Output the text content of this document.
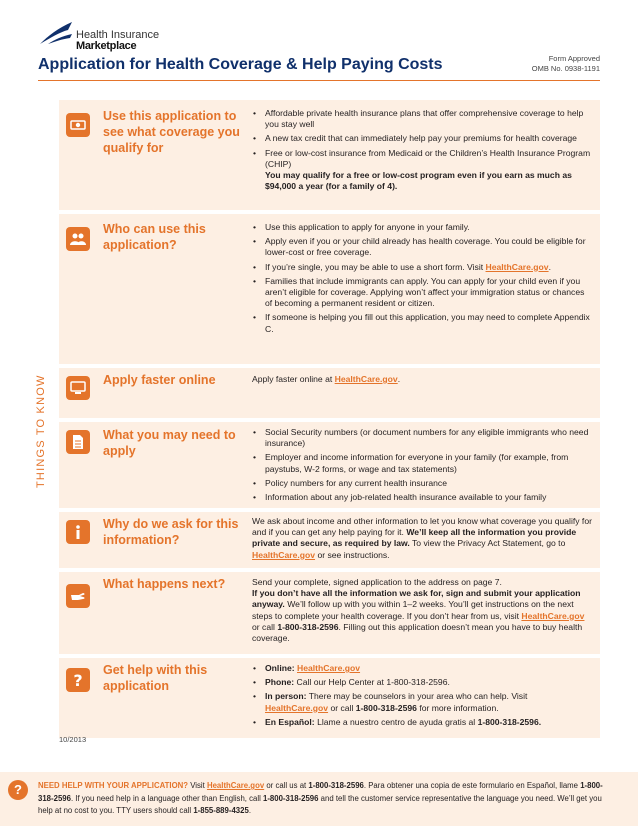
Health Insurance
Marketplace
Application for Health Coverage & Help Paying Costs	Form Approved
OMB No. 0938-1191
THINGS TO KNOW
Use this application to see what coverage you qualify for
• Affordable private health insurance plans that offer comprehensive coverage to help you stay well
• A new tax credit that can immediately help pay your premiums for health coverage
• Free or low-cost insurance from Medicaid or the Children’s Health Insurance Program (CHIP)
You may qualify for a free or low-cost program even if you earn as much as $94,000 a year (for a family of 4).
Who can use this application?
• Use this application to apply for anyone in your family.
• Apply even if you or your child already has health coverage. You could be eligible for lower-cost or free coverage.
• If you’re single, you may be able to use a short form. Visit HealthCare.gov.
• Families that include immigrants can apply. You can apply for your child even if you aren’t eligible for coverage. Applying won’t affect your immigration status or chances of becoming a permanent resident or citizen.
• If someone is helping you fill out this application, you may need to complete Appendix C.
Apply faster online	Apply faster online at HealthCare.gov.
What you may need to apply
• Social Security numbers (or document numbers for any eligible immigrants who need insurance)
• Employer and income information for everyone in your family (for example, from paystubs, W-2 forms, or wage and tax statements)
• Policy numbers for any current health insurance
• Information about any job-related health insurance available to your family
Why do we ask for this information?
We ask about income and other information to let you know what coverage you qualify for and if you can get any help paying for it. We’ll keep all the information you provide private and secure, as required by law. To view the Privacy Act Statement, go to HealthCare.gov or see instructions.
What happens next?	Send your complete, signed application to the address on page 7.
If you don’t have all the information we ask for, sign and submit your application anyway. We’ll follow up with you within 1–2 weeks. You’ll get instructions on the next steps to complete your health coverage. If you don’t hear from us, visit HealthCare.gov or call 1-800-318-2596. Filling out this application doesn’t mean you have to buy health coverage.
?
Get help with this application
• Online: HealthCare.gov
• Phone: Call our Help Center at 1-800-318-2596.
• In person: There may be counselors in your area who can help. Visit HealthCare.gov or call 1-800-318-2596 for more information.
• En Español: Llame a nuestro centro de ayuda gratis al 1-800-318-2596.
10/2013
?	NEED HELP WITH YOUR APPLICATION? Visit HealthCare.gov or call us at 1-800-318-2596. Para obtener una copia de este formulario en Español, llame 1-800-318-2596. If you need help in a language other than English, call 1-800-318-2596 and tell the customer service representative the language you need. We’ll get you help at no cost to you. TTY users should call 1-855-889-4325.
